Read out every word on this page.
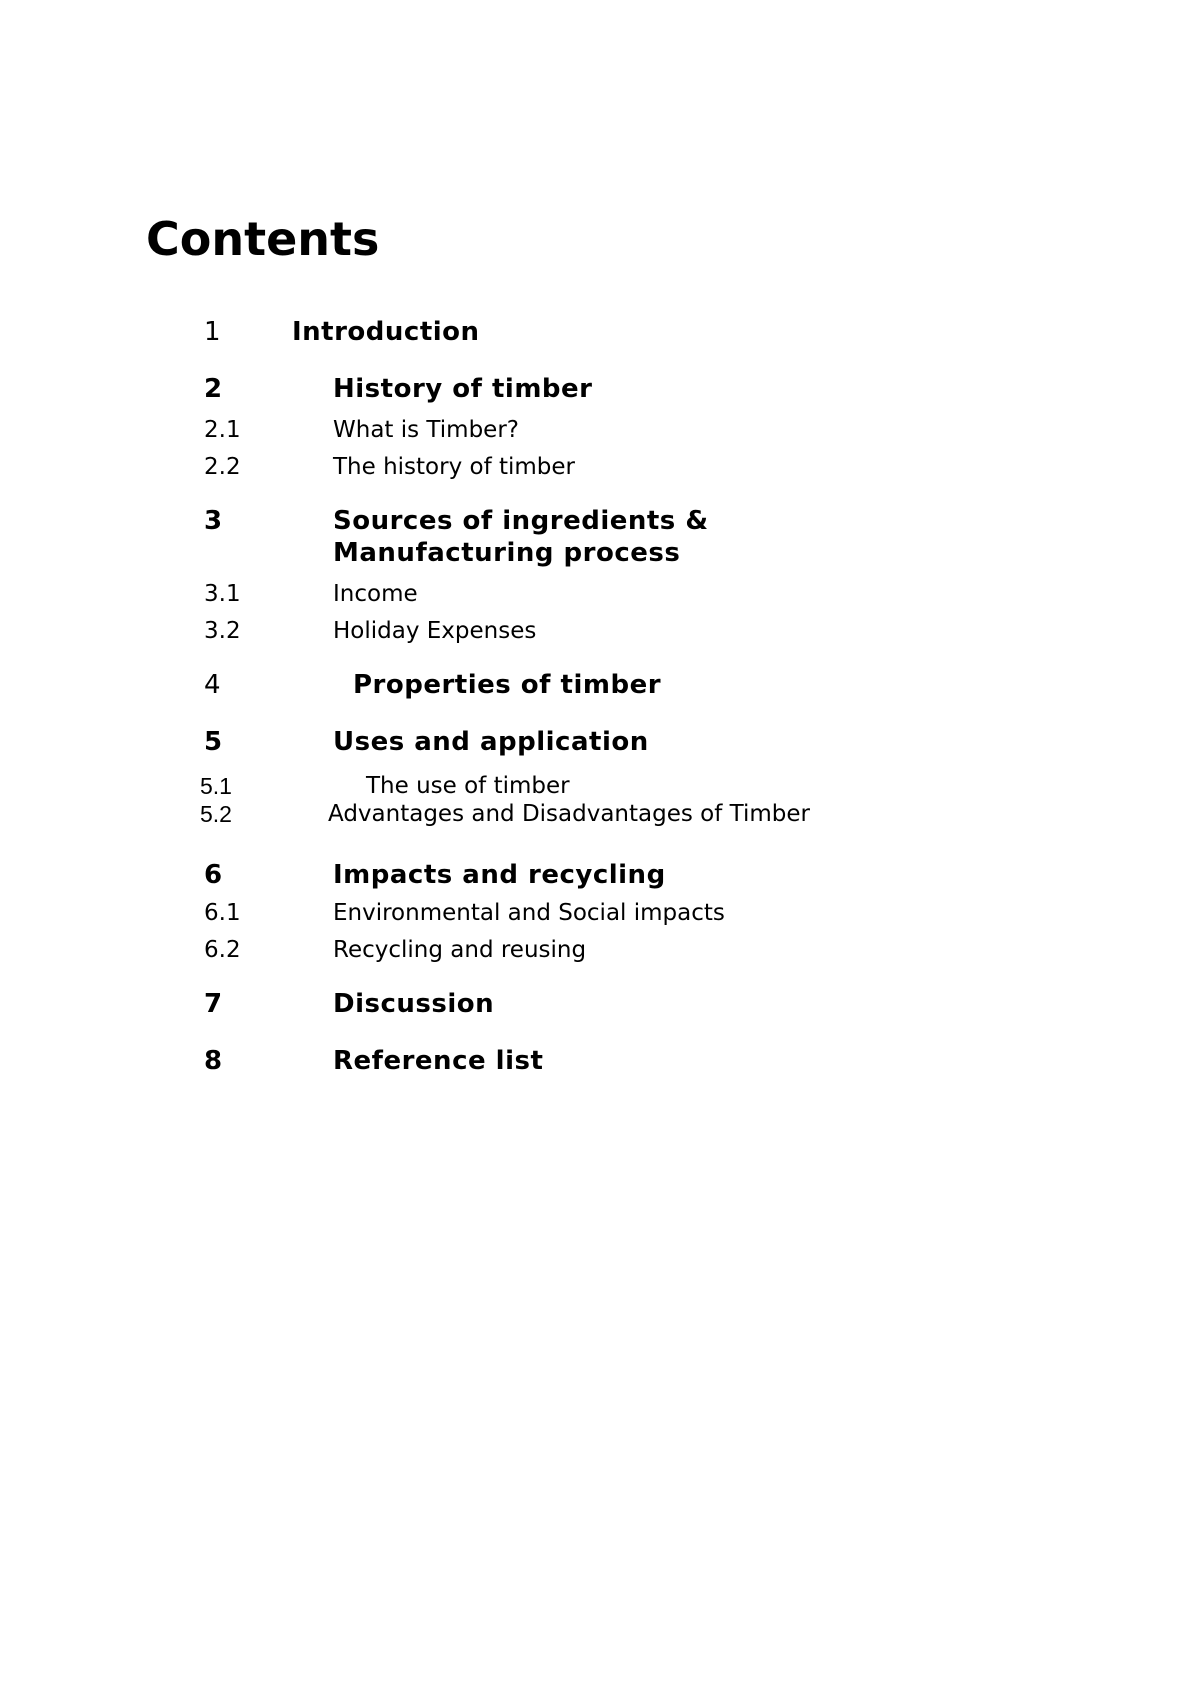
Contents
1	Introduction
2	History of timber
2.1	What is Timber?
2.2	The history of timber
3	Sources of ingredients &
Manufacturing process
3.1	Income
3.2	Holiday Expenses
4	Properties of timber
5	Uses and application
5.1	The use of timber
5.2	Advantages and Disadvantages of Timber
6	Impacts and recycling
6.1	Environmental and Social impacts
6.2	Recycling and reusing
7	Discussion
8	Reference list
